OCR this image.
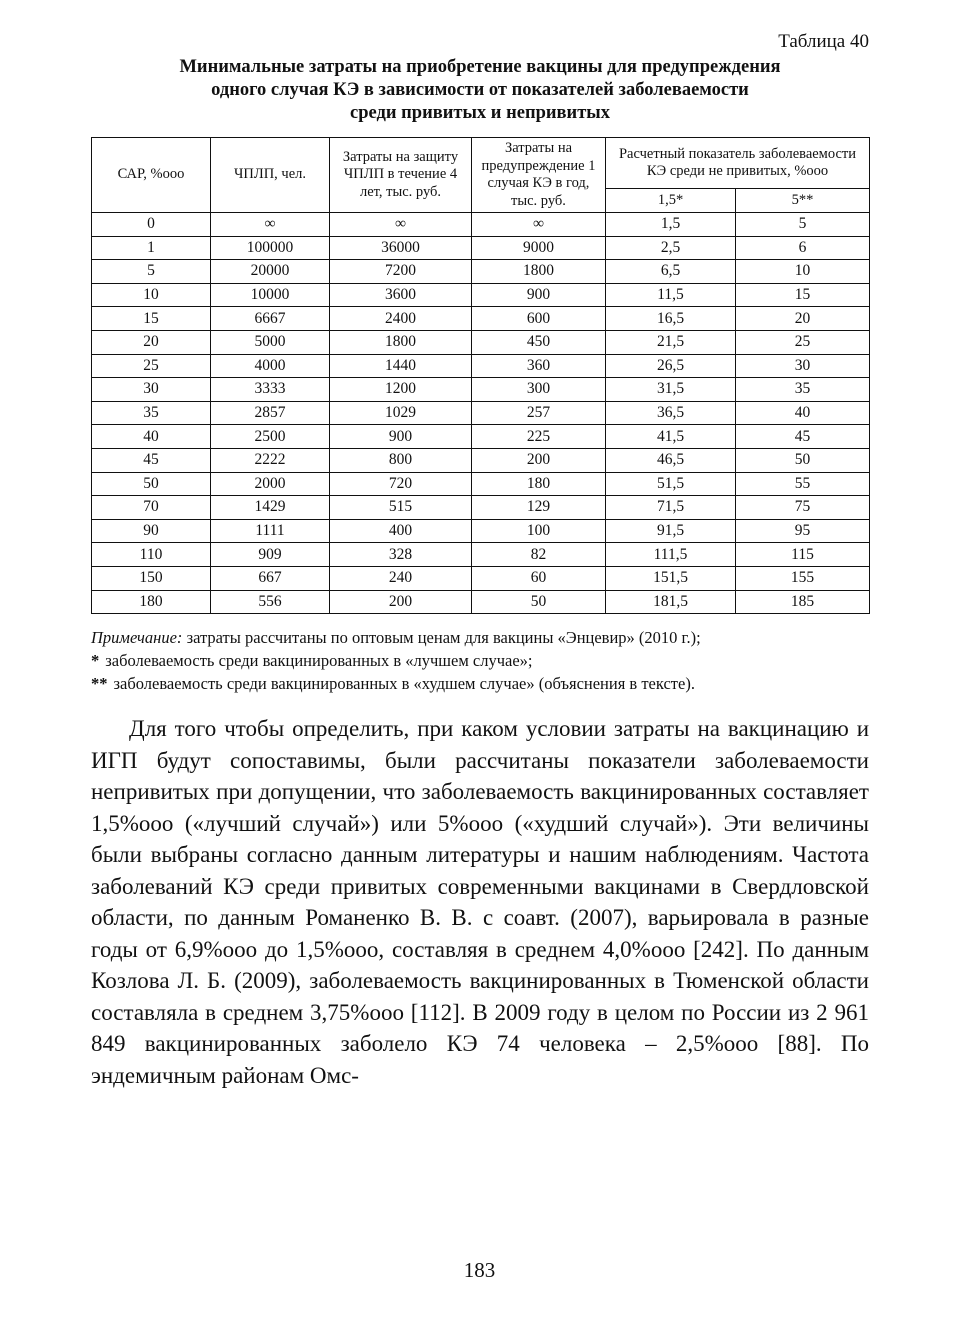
Таблица 40

Минимальные затраты на приобретение вакцины для предупреждения
одного случая КЭ в зависимости от показателей заболеваемости
среди привитых и непривитых
САР, %ооо	ЧПЛП, чел.	Затраты на защиту ЧПЛП в течение 4 лет, тыс. руб.	Затраты на предупреждение 1 случая КЭ в год, тыс. руб.	Расчетный показатель заболеваемости КЭ среди не привитых, %ооо	
				1,5*	5**
0	∞	∞	∞	1,5	5
1	100000	36000	9000	2,5	6
5	20000	7200	1800	6,5	10
10	10000	3600	900	11,5	15
15	6667	2400	600	16,5	20
20	5000	1800	450	21,5	25
25	4000	1440	360	26,5	30
30	3333	1200	300	31,5	35
35	2857	1029	257	36,5	40
40	2500	900	225	41,5	45
45	2222	800	200	46,5	50
50	2000	720	180	51,5	55
70	1429	515	129	71,5	75
90	1111	400	100	91,5	95
110	909	328	82	111,5	115
150	667	240	60	151,5	155
180	556	200	50	181,5	185

Примечание: затраты рассчитаны по оптовым ценам для вакцины «Энцевир» (2010 г.);

* заболеваемость среди вакцинированных в «лучшем случае»;

** заболеваемость среди вакцинированных в «худшем случае» (объяснения в тексте).

Для того чтобы определить, при каком условии затраты на вакцинацию и ИГП будут сопоставимы, были рассчитаны показатели заболеваемости непривитых при допущении, что заболеваемость вакцинированных составляет 1,5%ооо («лучший случай») или 5%ооо («худший случай»). Эти величины были выбраны согласно данным литературы и нашим наблюдениям. Частота заболеваний КЭ среди привитых современными вакцинами в Свердловской области, по данным Романенко В. В. с соавт. (2007), варьировала в разные годы от 6,9%ооо до 1,5%ооо, составляя в среднем 4,0%ооо [242]. По данным Козлова Л. Б. (2009), заболеваемость вакцинированных в Тюменской области составляла в среднем 3,75%ооо [112]. В 2009 году в целом по России из 2 961 849 вакцинированных заболело КЭ 74 человека – 2,5%ооо [88]. По эндемичным районам Омс-

183
